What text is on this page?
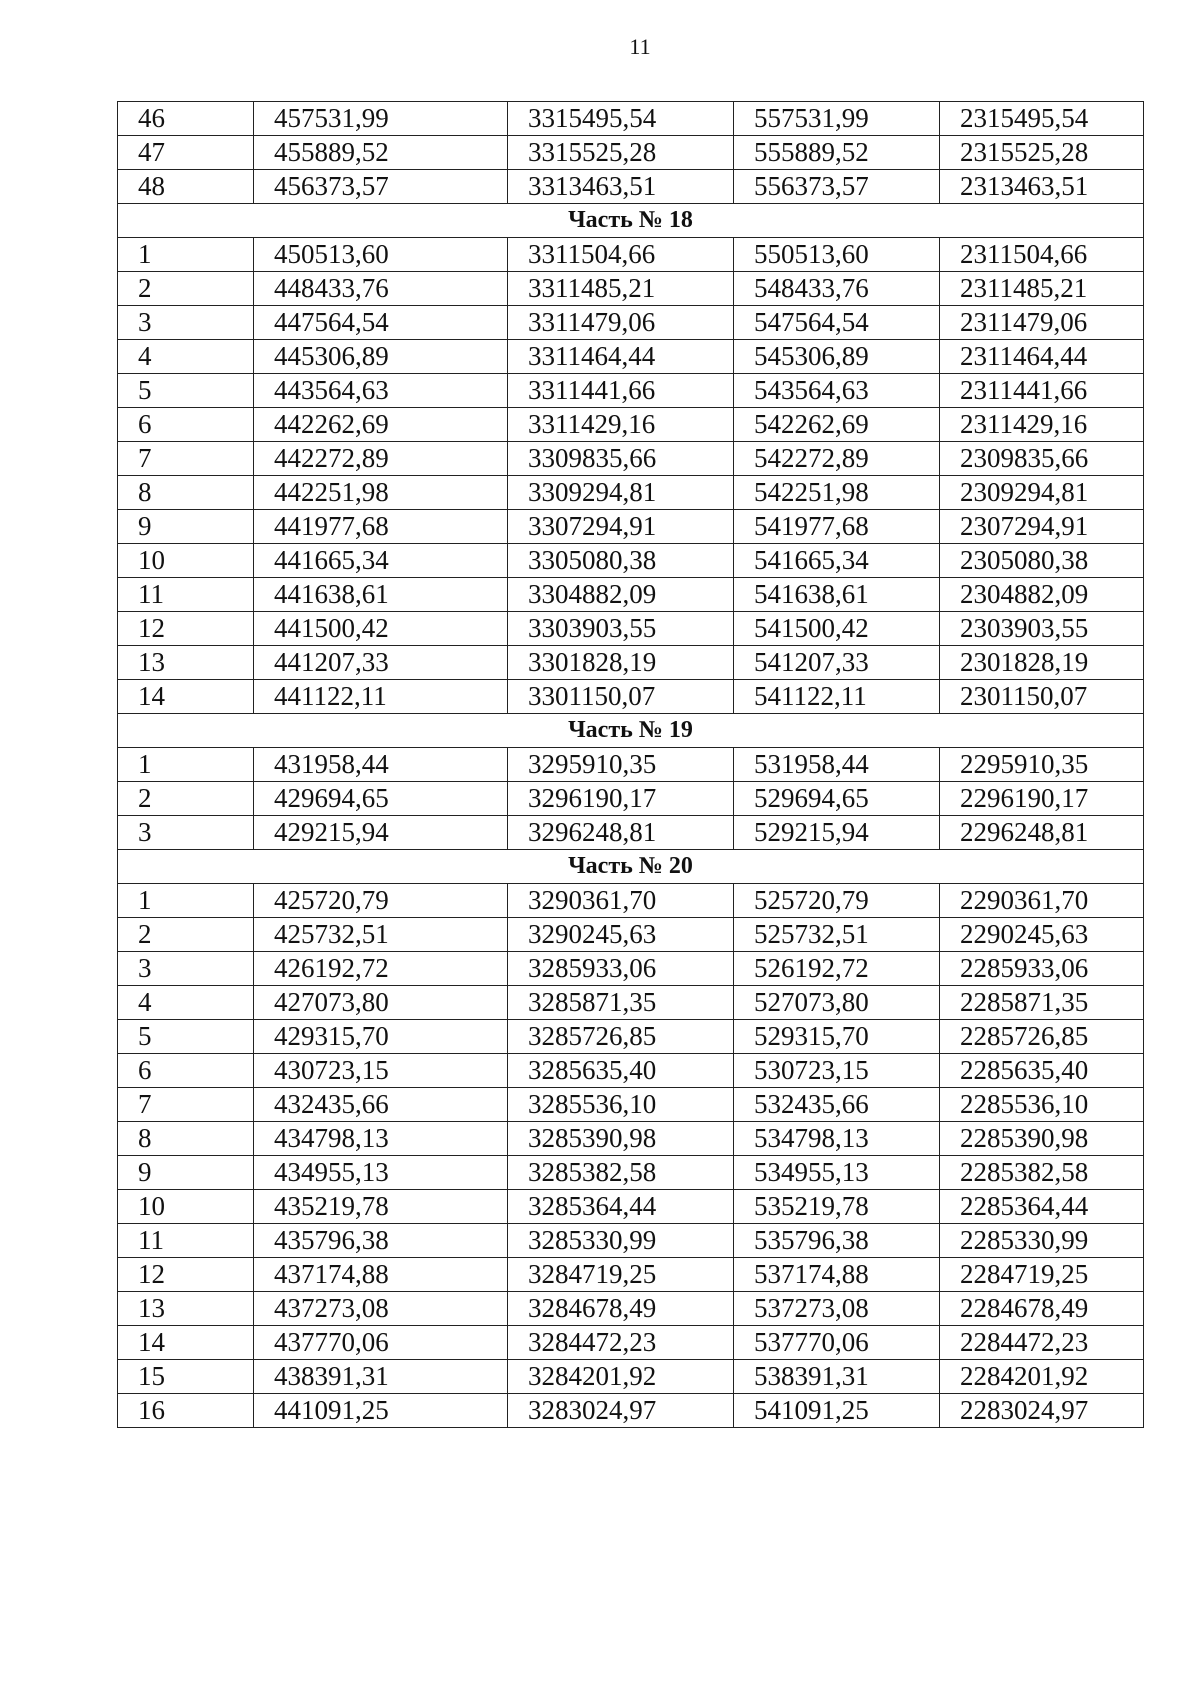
11
46	457531,99	3315495,54	557531,99	2315495,54
47	455889,52	3315525,28	555889,52	2315525,28
48	456373,57	3313463,51	556373,57	2313463,51
Часть № 18				
1	450513,60	3311504,66	550513,60	2311504,66
2	448433,76	3311485,21	548433,76	2311485,21
3	447564,54	3311479,06	547564,54	2311479,06
4	445306,89	3311464,44	545306,89	2311464,44
5	443564,63	3311441,66	543564,63	2311441,66
6	442262,69	3311429,16	542262,69	2311429,16
7	442272,89	3309835,66	542272,89	2309835,66
8	442251,98	3309294,81	542251,98	2309294,81
9	441977,68	3307294,91	541977,68	2307294,91
10	441665,34	3305080,38	541665,34	2305080,38
11	441638,61	3304882,09	541638,61	2304882,09
12	441500,42	3303903,55	541500,42	2303903,55
13	441207,33	3301828,19	541207,33	2301828,19
14	441122,11	3301150,07	541122,11	2301150,07
Часть № 19				
1	431958,44	3295910,35	531958,44	2295910,35
2	429694,65	3296190,17	529694,65	2296190,17
3	429215,94	3296248,81	529215,94	2296248,81
Часть № 20				
1	425720,79	3290361,70	525720,79	2290361,70
2	425732,51	3290245,63	525732,51	2290245,63
3	426192,72	3285933,06	526192,72	2285933,06
4	427073,80	3285871,35	527073,80	2285871,35
5	429315,70	3285726,85	529315,70	2285726,85
6	430723,15	3285635,40	530723,15	2285635,40
7	432435,66	3285536,10	532435,66	2285536,10
8	434798,13	3285390,98	534798,13	2285390,98
9	434955,13	3285382,58	534955,13	2285382,58
10	435219,78	3285364,44	535219,78	2285364,44
11	435796,38	3285330,99	535796,38	2285330,99
12	437174,88	3284719,25	537174,88	2284719,25
13	437273,08	3284678,49	537273,08	2284678,49
14	437770,06	3284472,23	537770,06	2284472,23
15	438391,31	3284201,92	538391,31	2284201,92
16	441091,25	3283024,97	541091,25	2283024,97
